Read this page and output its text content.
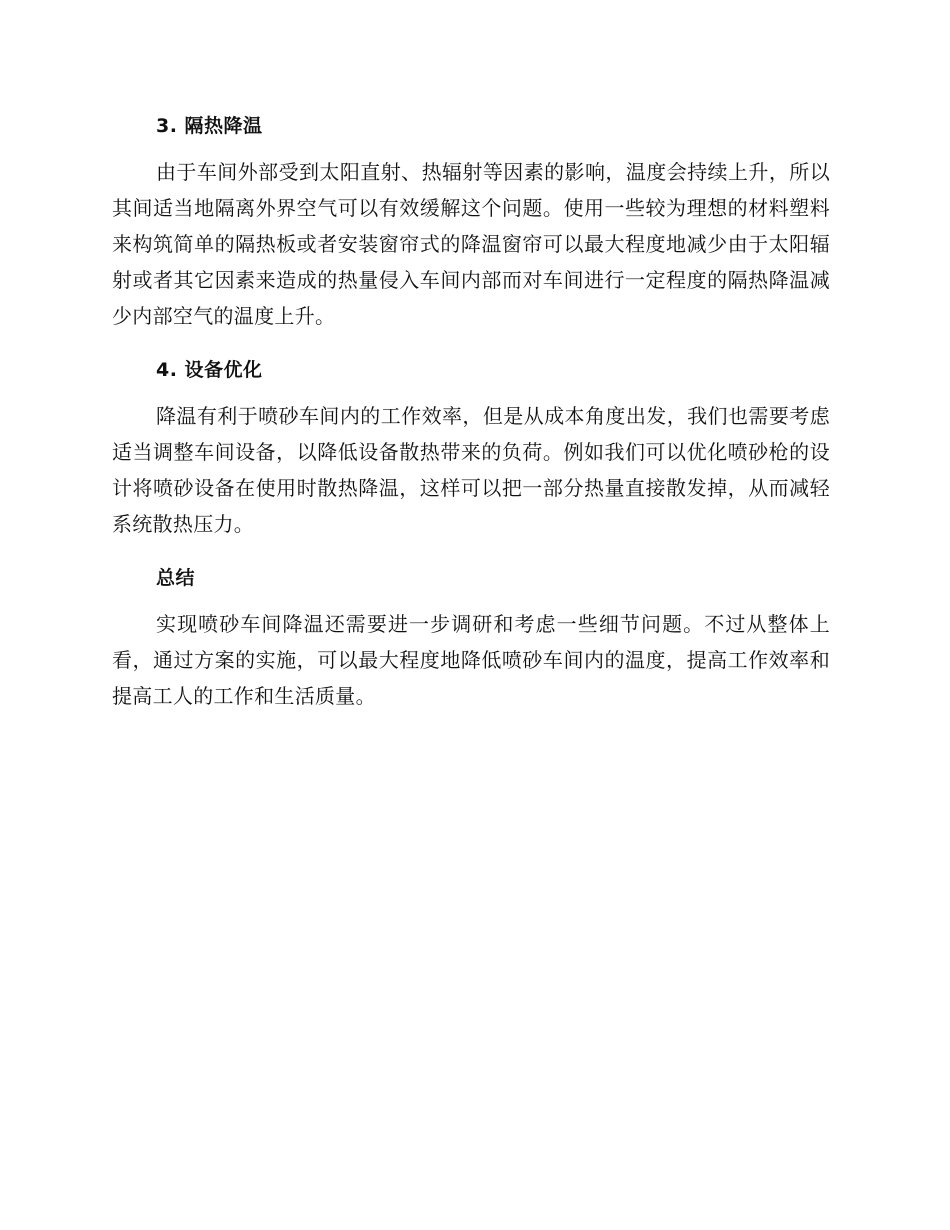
3. 隔热降温

由于车间外部受到太阳直射、热辐射等因素的影响，温度会持续上升，所以其间适当地隔离外界空气可以有效缓解这个问题。使用一些较为理想的材料塑料来构筑简单的隔热板或者安装窗帘式的降温窗帘可以最大程度地减少由于太阳辐射或者其它因素来造成的热量侵入车间内部而对车间进行一定程度的隔热降温减少内部空气的温度上升。

4. 设备优化

降温有利于喷砂车间内的工作效率，但是从成本角度出发，我们也需要考虑适当调整车间设备，以降低设备散热带来的负荷。例如我们可以优化喷砂枪的设计将喷砂设备在使用时散热降温，这样可以把一部分热量直接散发掉，从而减轻系统散热压力。

总结

实现喷砂车间降温还需要进一步调研和考虑一些细节问题。不过从整体上看，通过方案的实施，可以最大程度地降低喷砂车间内的温度，提高工作效率和提高工人的工作和生活质量。
